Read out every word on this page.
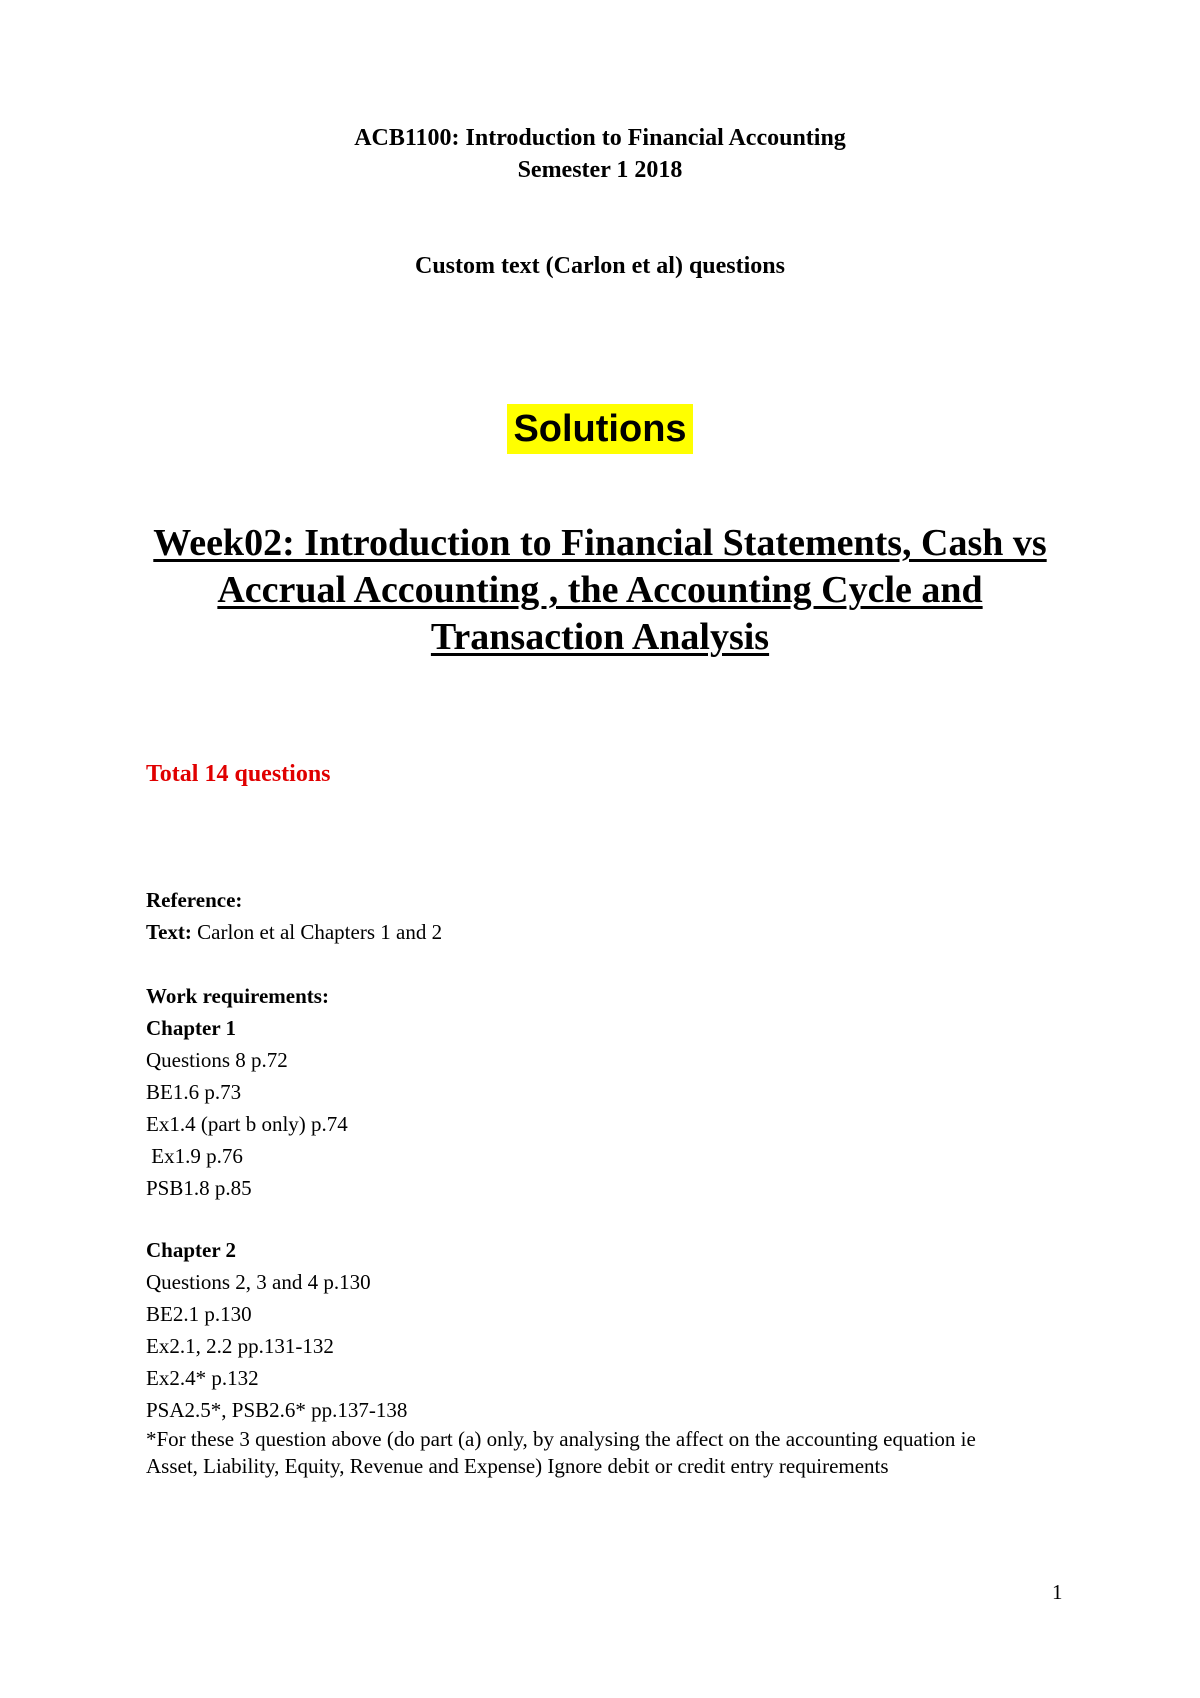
ACB1100: Introduction to Financial Accounting
Semester 1 2018
Custom text (Carlon et al) questions
Solutions
Week02: Introduction to Financial Statements, Cash vs Accrual Accounting , the Accounting Cycle and Transaction Analysis
Total 14 questions
Reference:
Text: Carlon et al Chapters 1 and 2
Work requirements:
Chapter 1
Questions 8 p.72
BE1.6 p.73
Ex1.4 (part b only) p.74
Ex1.9 p.76
PSB1.8 p.85
Chapter 2
Questions 2, 3 and 4 p.130
BE2.1 p.130
Ex2.1, 2.2 pp.131-132
Ex2.4* p.132
PSA2.5*, PSB2.6* pp.137-138
*For these 3 question above (do part (a) only, by analysing the affect on the accounting equation ie Asset, Liability, Equity, Revenue and Expense) Ignore debit or credit entry requirements
1
